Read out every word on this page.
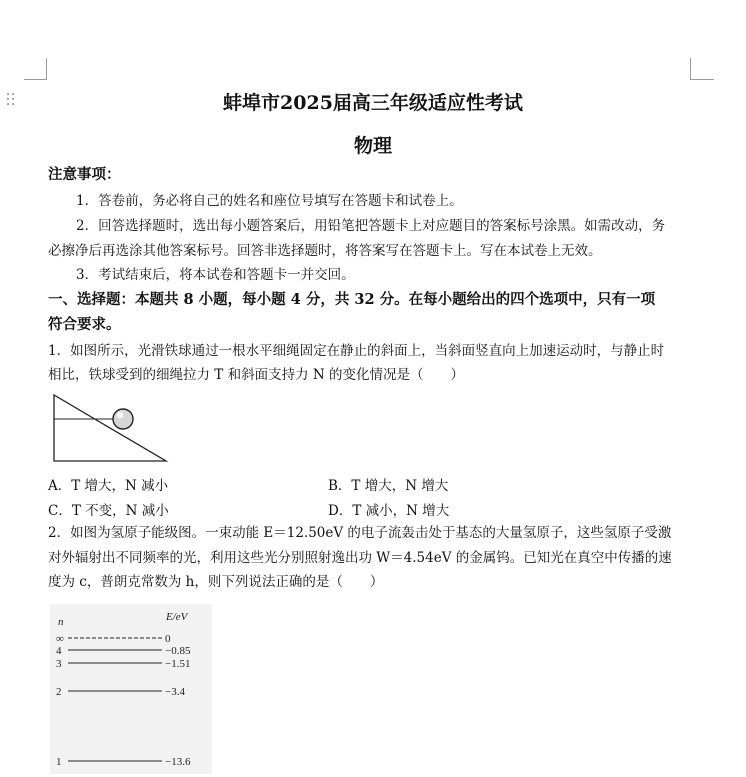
蚌埠市2025届高三年级适应性考试
物理
注意事项：
1．答卷前，务必将自己的姓名和座位号填写在答题卡和试卷上。
2．回答选择题时，选出每小题答案后，用铅笔把答题卡上对应题目的答案标号涂黑。如需改动，务
必擦净后再选涂其他答案标号。回答非选择题时，将答案写在答题卡上。写在本试卷上无效。
3．考试结束后，将本试卷和答题卡一并交回。
一、选择题：本题共 8 小题，每小题 4 分，共 32 分。在每小题给出的四个选项中，只有一项
符合要求。
1．如图所示，光滑铁球通过一根水平细绳固定在静止的斜面上，当斜面竖直向上加速运动时，与静止时
相比，铁球受到的细绳拉力 T 和斜面支持力 N 的变化情况是（　　）
A．T 增大，N 减小	B．T 增大，N 增大
C．T 不变，N 减小	D．T 减小，N 增大
2．如图为氢原子能级图。一束动能 E＝12.50eV 的电子流轰击处于基态的大量氢原子，这些氢原子受激
对外辐射出不同频率的光，利用这些光分别照射逸出功 W＝4.54eV 的金属钨。已知光在真空中传播的速
度为 c，普朗克常数为 h，则下列说法正确的是（　　）
n	E/eV
∞	0
4	−0.85
3	−1.51
2	−3.4
1	−13.6
